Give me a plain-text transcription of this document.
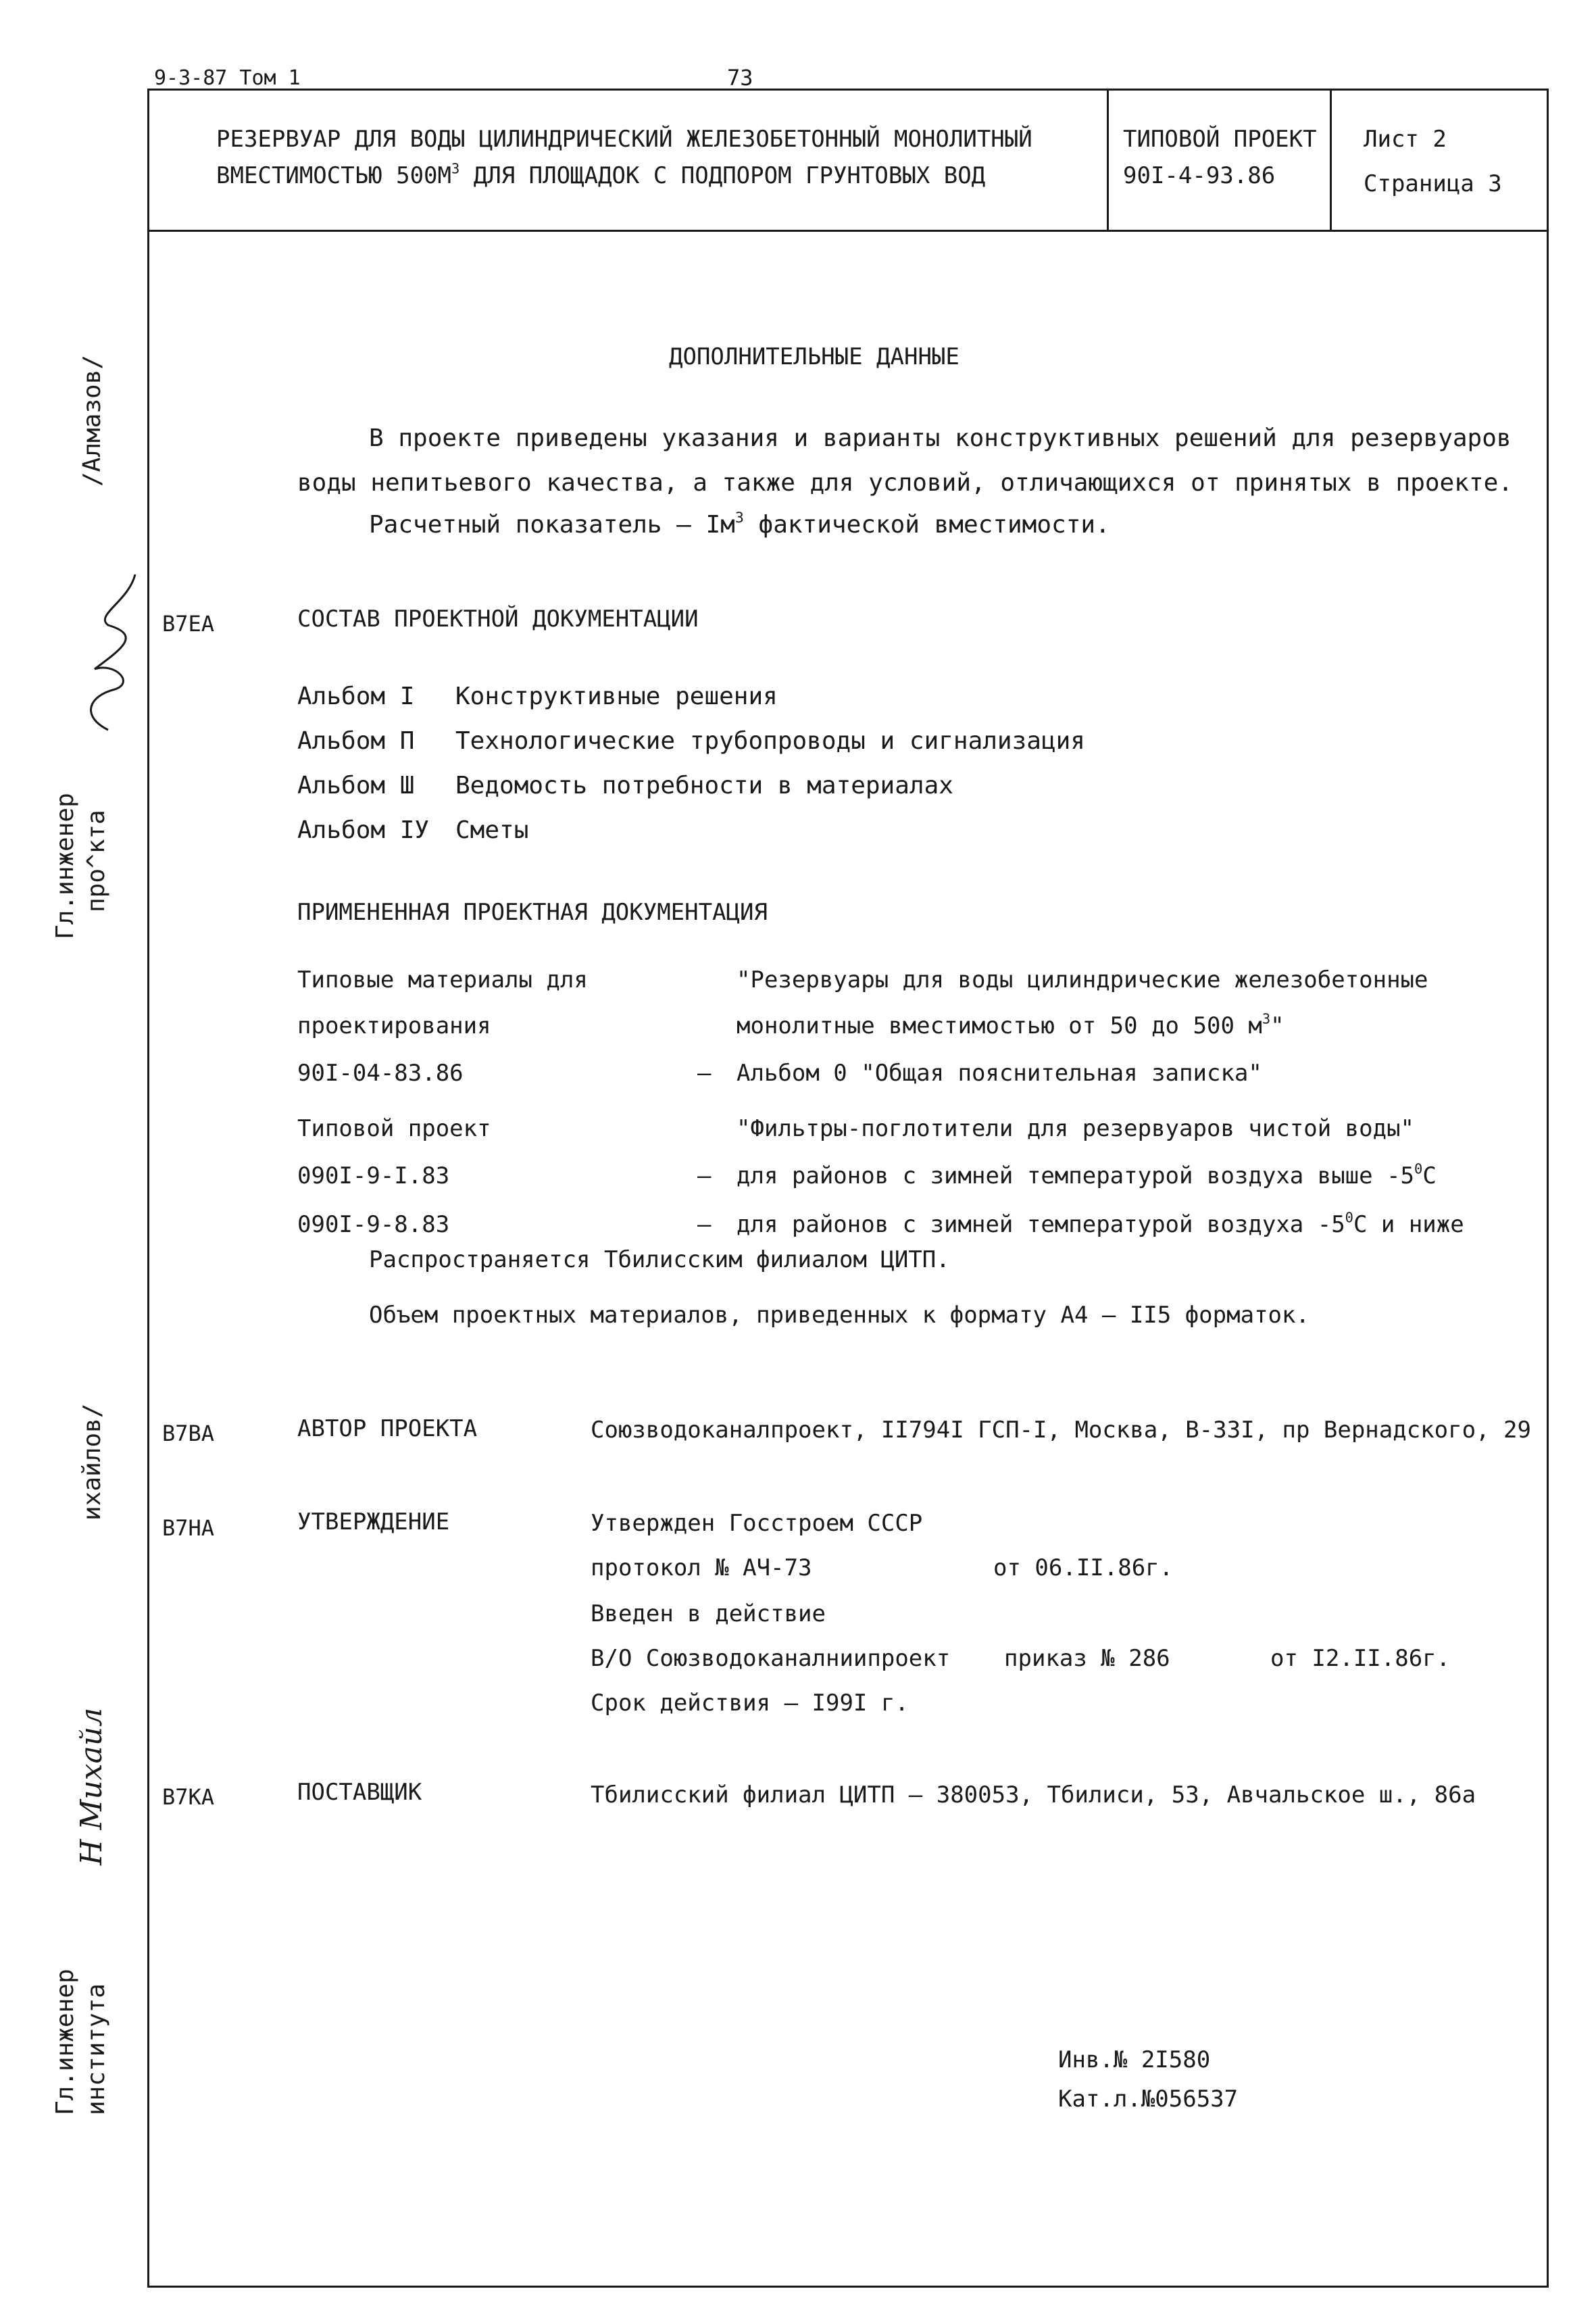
9-3-87 Том 1	73
РЕЗЕРВУАР ДЛЯ ВОДЫ ЦИЛИНДРИЧЕСКИЙ ЖЕЛЕЗОБЕТОННЫЙ МОНОЛИТНЫЙ
ВМЕСТИМОСТЬЮ $500М^3$ ДЛЯ ПЛОЩАДОК С ПОДПОРОМ ГРУНТОВЫХ ВОД
ТИПОВОЙ ПРОЕКТ
90I-4-93.86
Лист 2
Страница 3
/Алмазов/
Гл.инженер про^кта
ихайлов/
Н Михайл
Гл.инженер института
ДОПОЛНИТЕЛЬНЫЕ ДАННЫЕ
В проекте приведены указания и варианты конструктивных решений для резервуаров
воды непитьевого качества, а также для условий, отличающихся от принятых в проекте.
Расчетный показатель – $Iм^3$ фактической вместимости.
В7ЕА	СОСТАВ ПРОЕКТНОЙ ДОКУМЕНТАЦИИ
Альбом I Конструктивные решения
Альбом П Технологические трубопроводы и сигнализация
Альбом Ш Ведомость потребности в материалах
Альбом IУ Сметы
ПРИМЕНЕННАЯ ПРОЕКТНАЯ ДОКУМЕНТАЦИЯ
Типовые материалы для	"Резервуары для воды цилиндрические железобетонные
проектирования	монолитные вместимостью от 50 до 500 $м^3$"
90I-04-83.86	– Альбом 0 "Общая пояснительная записка"
Типовой проект	"Фильтры-поглотители для резервуаров чистой воды"
090I-9-I.83	– для районов с зимней температурой воздуха выше $-5^0С$
090I-9-8.83	– для районов с зимней температурой воздуха $-5^0С$ и ниже
Распространяется Тбилисским филиалом ЦИТП.
Объем проектных материалов, приведенных к формату А4 – II5 форматок.
В7ВА	АВТОР ПРОЕКТА	Союзводоканалпроект, II794I ГСП-I, Москва, В-33I, пр Вернадского, 29
В7НА	УТВЕРЖДЕНИЕ	Утвержден Госстроем СССР
протокол № АЧ-73	от 06.II.86г.
Введен в действие
В/О Союзводоканалниипроект приказ № 286	от I2.II.86г.
Срок действия – I99I г.
В7КА	ПОСТАВЩИК	Тбилисский филиал ЦИТП – 380053, Тбилиси, 53, Авчальское ш., 86а
Инв.№ 2I580
Кат.л.№056537
